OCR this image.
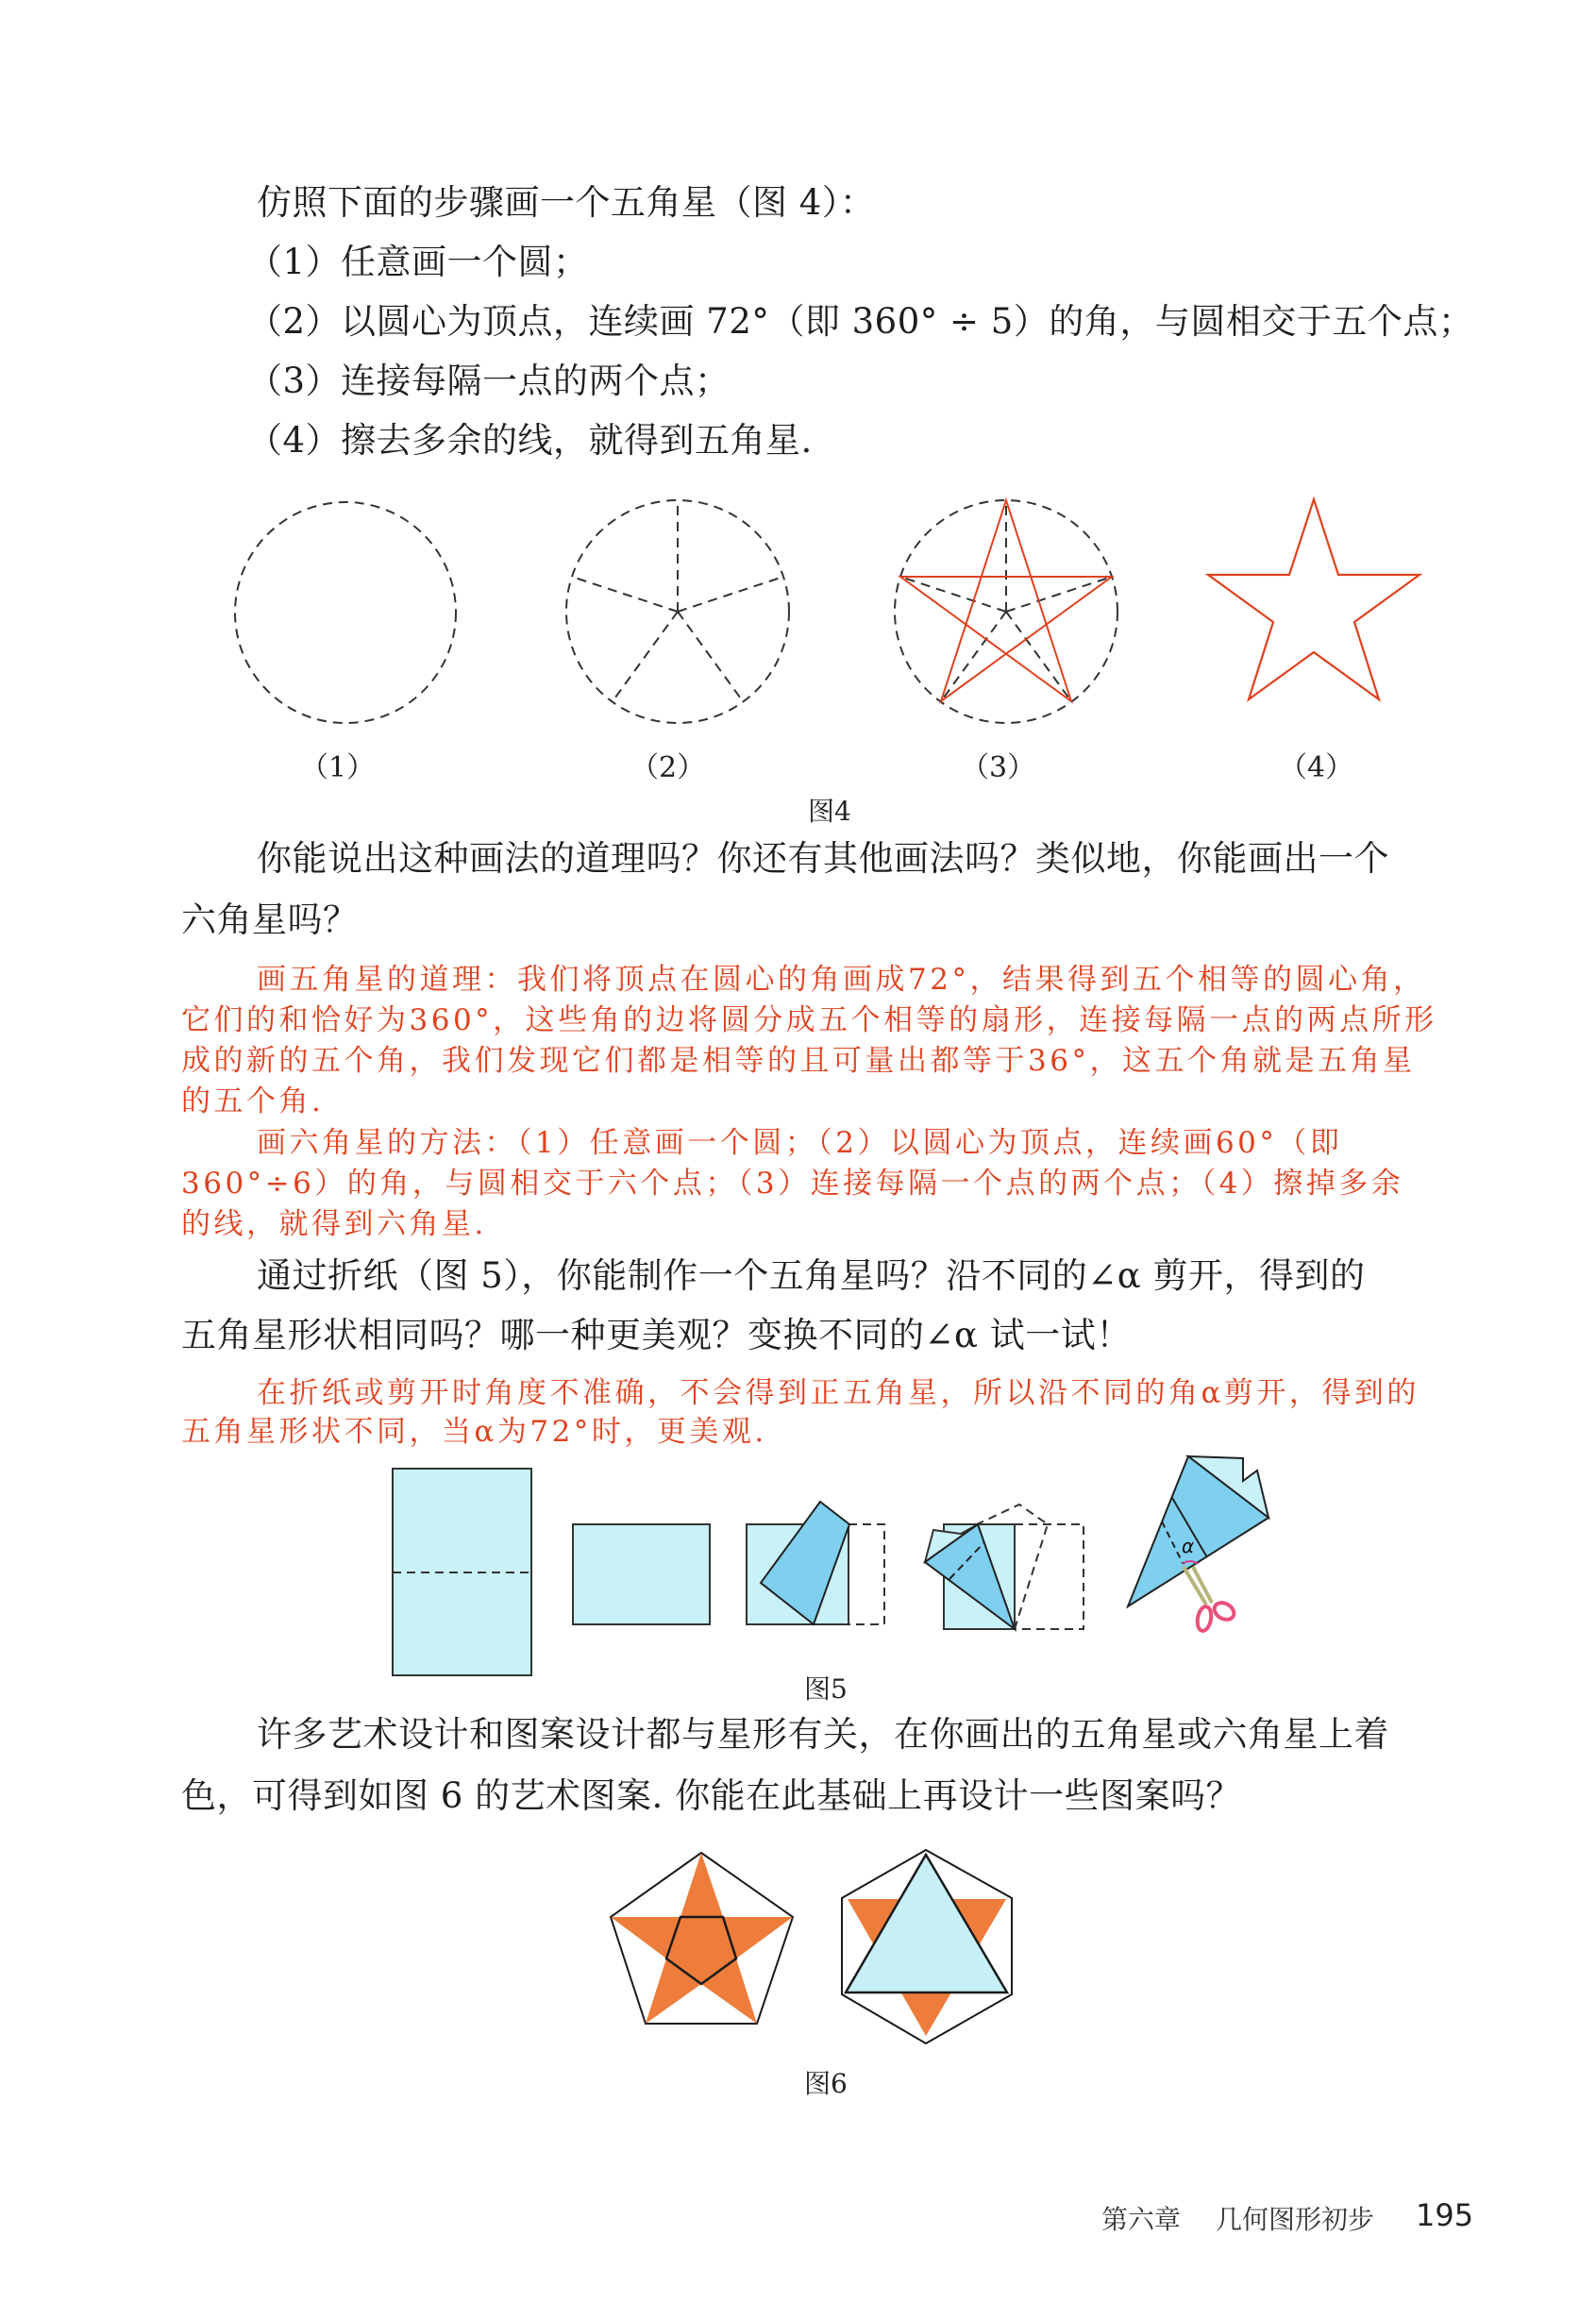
仿照下面的步骤画一个五角星（图 4）：
（1）任意画一个圆；
（2）以圆心为顶点，连续画 72°（即 360° ÷ 5）的角，与圆相交于五个点；
（3）连接每隔一点的两个点；
（4）擦去多余的线，就得到五角星.
（1）	（2）	（3）	（4）
图4
你能说出这种画法的道理吗？你还有其他画法吗？类似地，你能画出一个
六角星吗？
画五角星的道理：我们将顶点在圆心的角画成72°，结果得到五个相等的圆心角，
它们的和恰好为360°，这些角的边将圆分成五个相等的扇形，连接每隔一点的两点所形
成的新的五个角，我们发现它们都是相等的且可量出都等于36°，这五个角就是五角星
的五个角.
画六角星的方法：（1）任意画一个圆；（2）以圆心为顶点，连续画60°（即
360°÷6）的角，与圆相交于六个点；（3）连接每隔一个点的两个点；（4）擦掉多余
的线，就得到六角星.
通过折纸（图 5），你能制作一个五角星吗？沿不同的∠α 剪开，得到的
五角星形状相同吗？哪一种更美观？变换不同的∠α 试一试！
在折纸或剪开时角度不准确，不会得到正五角星，所以沿不同的角α剪开，得到的
五角星形状不同，当α为72°时，更美观.
α
图5
许多艺术设计和图案设计都与星形有关，在你画出的五角星或六角星上着
色，可得到如图 6 的艺术图案. 你能在此基础上再设计一些图案吗？
图6
第六章 几何图形初步 195
